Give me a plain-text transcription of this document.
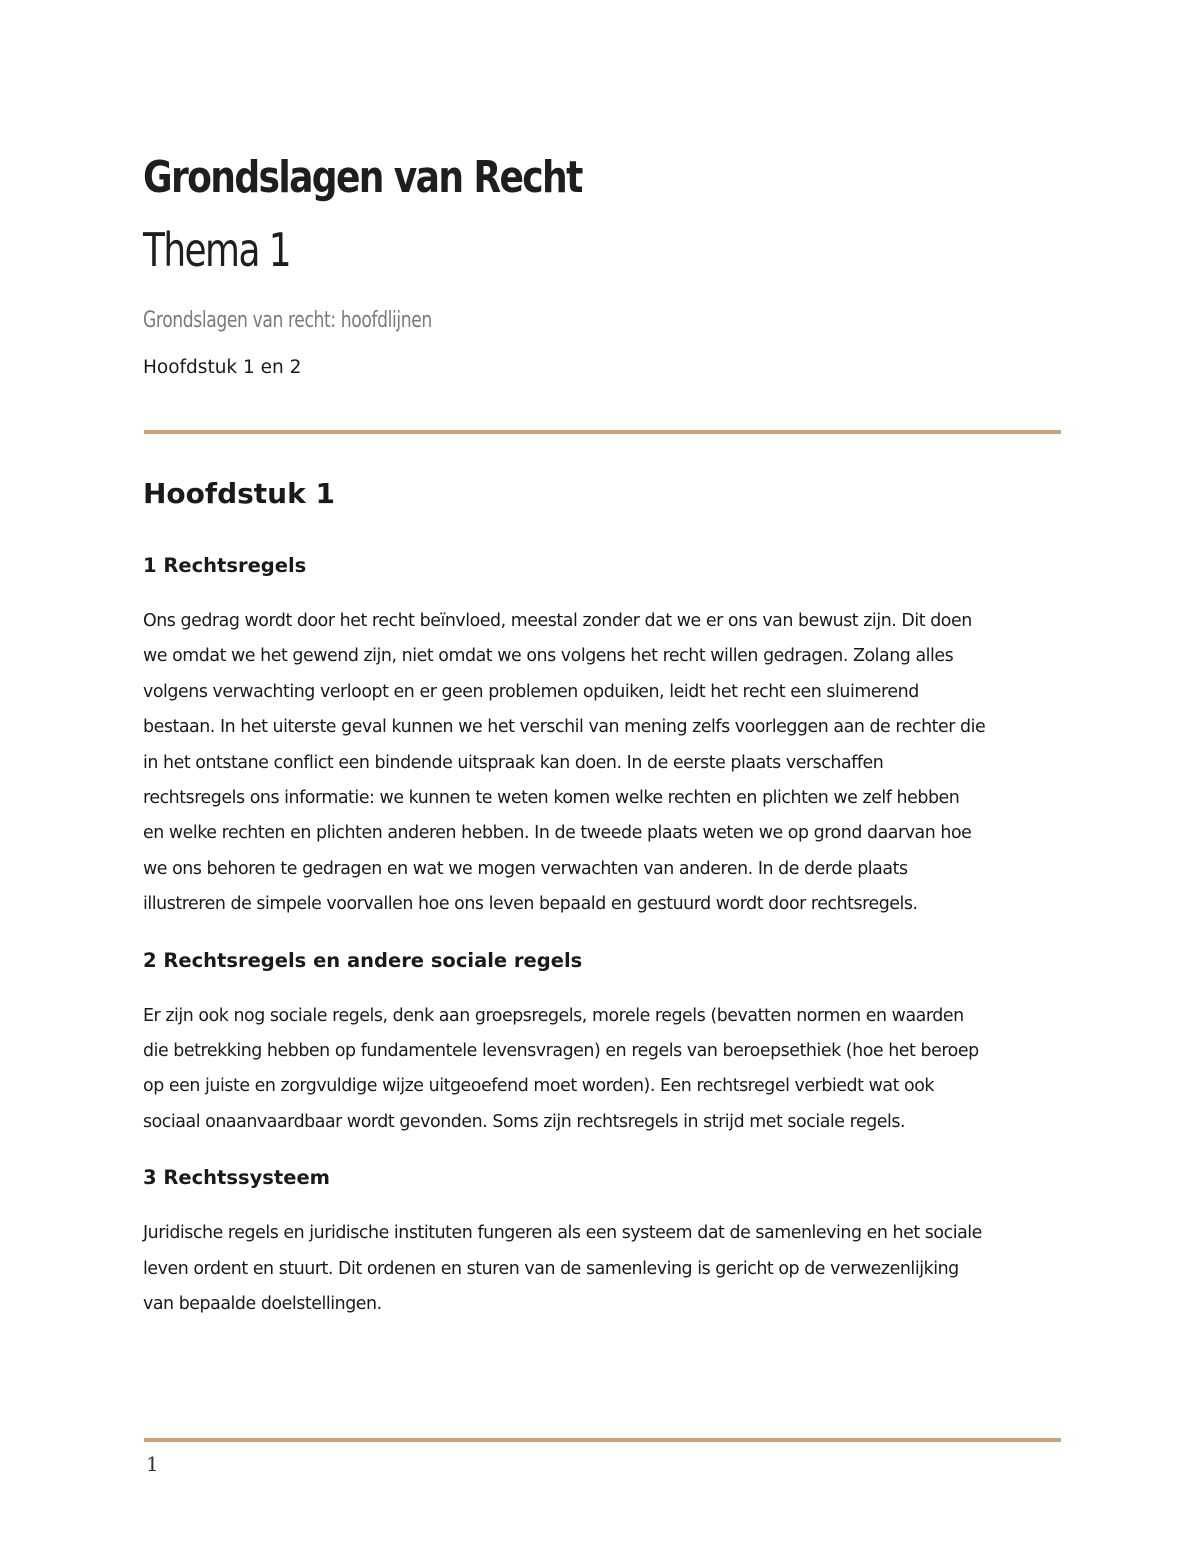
Grondslagen van Recht
Thema 1

Grondslagen van recht: hoofdlijnen

Hoofdstuk 1 en 2

Hoofdstuk 1
1 Rechtsregels

Ons gedrag wordt door het recht beïnvloed, meestal zonder dat we er ons van bewust zijn. Dit doen
we omdat we het gewend zijn, niet omdat we ons volgens het recht willen gedragen. Zolang alles
volgens verwachting verloopt en er geen problemen opduiken, leidt het recht een sluimerend
bestaan. In het uiterste geval kunnen we het verschil van mening zelfs voorleggen aan de rechter die
in het ontstane conflict een bindende uitspraak kan doen. In de eerste plaats verschaffen
rechtsregels ons informatie: we kunnen te weten komen welke rechten en plichten we zelf hebben
en welke rechten en plichten anderen hebben. In de tweede plaats weten we op grond daarvan hoe
we ons behoren te gedragen en wat we mogen verwachten van anderen. In de derde plaats
illustreren de simpele voorvallen hoe ons leven bepaald en gestuurd wordt door rechtsregels.

2 Rechtsregels en andere sociale regels

Er zijn ook nog sociale regels, denk aan groepsregels, morele regels (bevatten normen en waarden
die betrekking hebben op fundamentele levensvragen) en regels van beroepsethiek (hoe het beroep
op een juiste en zorgvuldige wijze uitgeoefend moet worden). Een rechtsregel verbiedt wat ook
sociaal onaanvaardbaar wordt gevonden. Soms zijn rechtsregels in strijd met sociale regels.

3 Rechtssysteem

Juridische regels en juridische instituten fungeren als een systeem dat de samenleving en het sociale
leven ordent en stuurt. Dit ordenen en sturen van de samenleving is gericht op de verwezenlijking
van bepaalde doelstellingen.

1
